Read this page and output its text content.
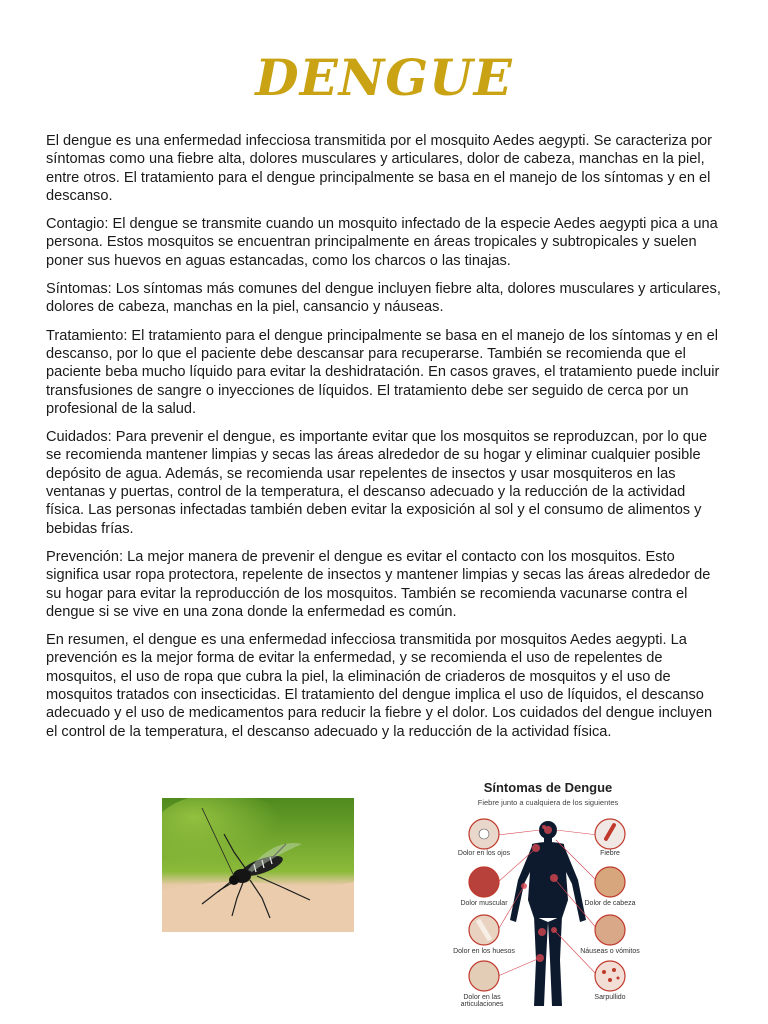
DENGUE

El dengue es una enfermedad infecciosa transmitida por el mosquito Aedes aegypti. Se caracteriza por síntomas como una fiebre alta, dolores musculares y articulares, dolor de cabeza, manchas en la piel, entre otros. El tratamiento para el dengue principalmente se basa en el manejo de los síntomas y en el descanso.

Contagio: El dengue se transmite cuando un mosquito infectado de la especie Aedes aegypti pica a una persona. Estos mosquitos se encuentran principalmente en áreas tropicales y subtropicales y suelen poner sus huevos en aguas estancadas, como los charcos o las tinajas.

Síntomas: Los síntomas más comunes del dengue incluyen fiebre alta, dolores musculares y articulares, dolores de cabeza, manchas en la piel, cansancio y náuseas.

Tratamiento: El tratamiento para el dengue principalmente se basa en el manejo de los síntomas y en el descanso, por lo que el paciente debe descansar para recuperarse. También se recomienda que el paciente beba mucho líquido para evitar la deshidratación. En casos graves, el tratamiento puede incluir transfusiones de sangre o inyecciones de líquidos. El tratamiento debe ser seguido de cerca por un profesional de la salud.

Cuidados: Para prevenir el dengue, es importante evitar que los mosquitos se reproduzcan, por lo que se recomienda mantener limpias y secas las áreas alrededor de su hogar y eliminar cualquier posible depósito de agua. Además, se recomienda usar repelentes de insectos y usar mosquiteros en las ventanas y puertas, control de la temperatura, el descanso adecuado y la reducción de la actividad física. Las personas infectadas también deben evitar la exposición al sol y el consumo de alimentos y bebidas frías.

Prevención: La mejor manera de prevenir el dengue es evitar el contacto con los mosquitos. Esto significa usar ropa protectora, repelente de insectos y mantener limpias y secas las áreas alrededor de su hogar para evitar la reproducción de los mosquitos. También se recomienda vacunarse contra el dengue si se vive en una zona donde la enfermedad es común.

En resumen, el dengue es una enfermedad infecciosa transmitida por mosquitos Aedes aegypti. La prevención es la mejor forma de evitar la enfermedad, y se recomienda el uso de repelentes de mosquitos, el uso de ropa que cubra la piel, la eliminación de criaderos de mosquitos y el uso de mosquitos tratados con insecticidas. El tratamiento del dengue implica el uso de líquidos, el descanso adecuado y el uso de medicamentos para reducir la fiebre y el dolor. Los cuidados del dengue incluyen el control de la temperatura, el descanso adecuado y la reducción de la actividad física.

Síntomas de Dengue
Fiebre junto a cualquiera de los siguientes
Dolor en los ojos	Fiebre
Dolor muscular	Dolor de cabeza
Dolor en los huesos	Náuseas o vómitos
Dolor en las articulaciones
Sarpullido
